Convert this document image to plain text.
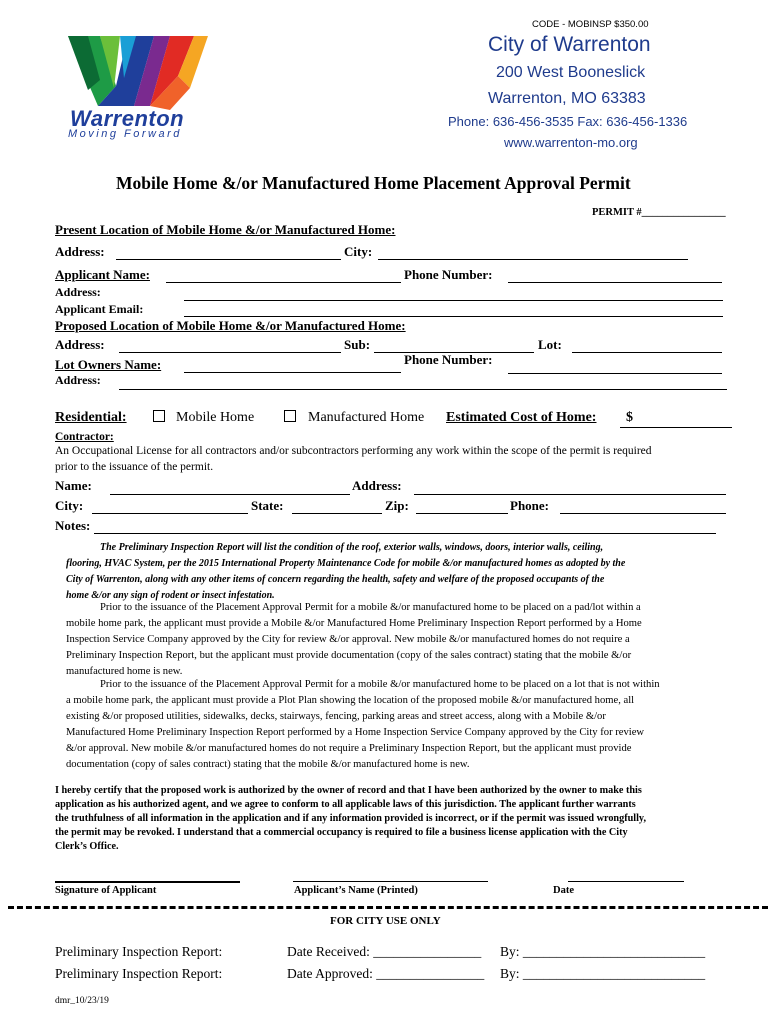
Warrenton
Moving Forward
CODE - MOBINSP $350.00
City of Warrenton
200 West Booneslick
Warrenton, MO 63383
Phone: 636-456-3535 Fax: 636-456-1336
www.warrenton-mo.org
Mobile Home &/or Manufactured Home Placement Approval Permit
PERMIT #________________
Present Location of Mobile Home &/or Manufactured Home:
Address:	City:
Applicant Name:	Phone Number:
Address:
Applicant Email:
Proposed Location of Mobile Home &/or Manufactured Home:
Address:	Sub:	Lot:
Lot Owners Name:	Phone Number:
Address:
Residential:	Mobile Home	Manufactured Home Estimated Cost of Home: $
Contractor:
An Occupational License for all contractors and/or subcontractors performing any work within the scope of the permit is required
prior to the issuance of the permit.
Name:	Address:
City:	State:	Zip:	Phone:
Notes:
The Preliminary Inspection Report will list the condition of the roof, exterior walls, windows, doors, interior walls, ceiling,
flooring, HVAC System, per the 2015 International Property Maintenance Code for mobile &/or manufactured homes as adopted by the
City of Warrenton, along with any other items of concern regarding the health, safety and welfare of the proposed occupants of the
home &/or any sign of rodent or insect infestation.
Prior to the issuance of the Placement Approval Permit for a mobile &/or manufactured home to be placed on a pad/lot within a
mobile home park, the applicant must provide a Mobile &/or Manufactured Home Preliminary Inspection Report performed by a Home
Inspection Service Company approved by the City for review &/or approval. New mobile &/or manufactured homes do not require a
Preliminary Inspection Report, but the applicant must provide documentation (copy of the sales contract) stating that the mobile &/or
manufactured home is new.
Prior to the issuance of the Placement Approval Permit for a mobile &/or manufactured home to be placed on a lot that is not within
a mobile home park, the applicant must provide a Plot Plan showing the location of the proposed mobile &/or manufactured home, all
existing &/or proposed utilities, sidewalks, decks, stairways, fencing, parking areas and street access, along with a Mobile &/or
Manufactured Home Preliminary Inspection Report performed by a Home Inspection Service Company approved by the City for review
&/or approval. New mobile &/or manufactured homes do not require a Preliminary Inspection Report, but the applicant must provide
documentation (copy of sales contract) stating that the mobile &/or manufactured home is new.
I hereby certify that the proposed work is authorized by the owner of record and that I have been authorized by the owner to make this
application as his authorized agent, and we agree to conform to all applicable laws of this jurisdiction. The applicant further warrants
the truthfulness of all information in the application and if any information provided is incorrect, or if the permit was issued wrongfully,
the permit may be revoked. I understand that a commercial occupancy is required to file a business license application with the City
Clerk’s Office.
Signature of Applicant	Applicant’s Name (Printed)	Date
FOR CITY USE ONLY
Preliminary Inspection Report:	Date Received: ________________ By: ___________________________
Preliminary Inspection Report:	Date Approved: ________________ By: ___________________________
dmr_10/23/19
